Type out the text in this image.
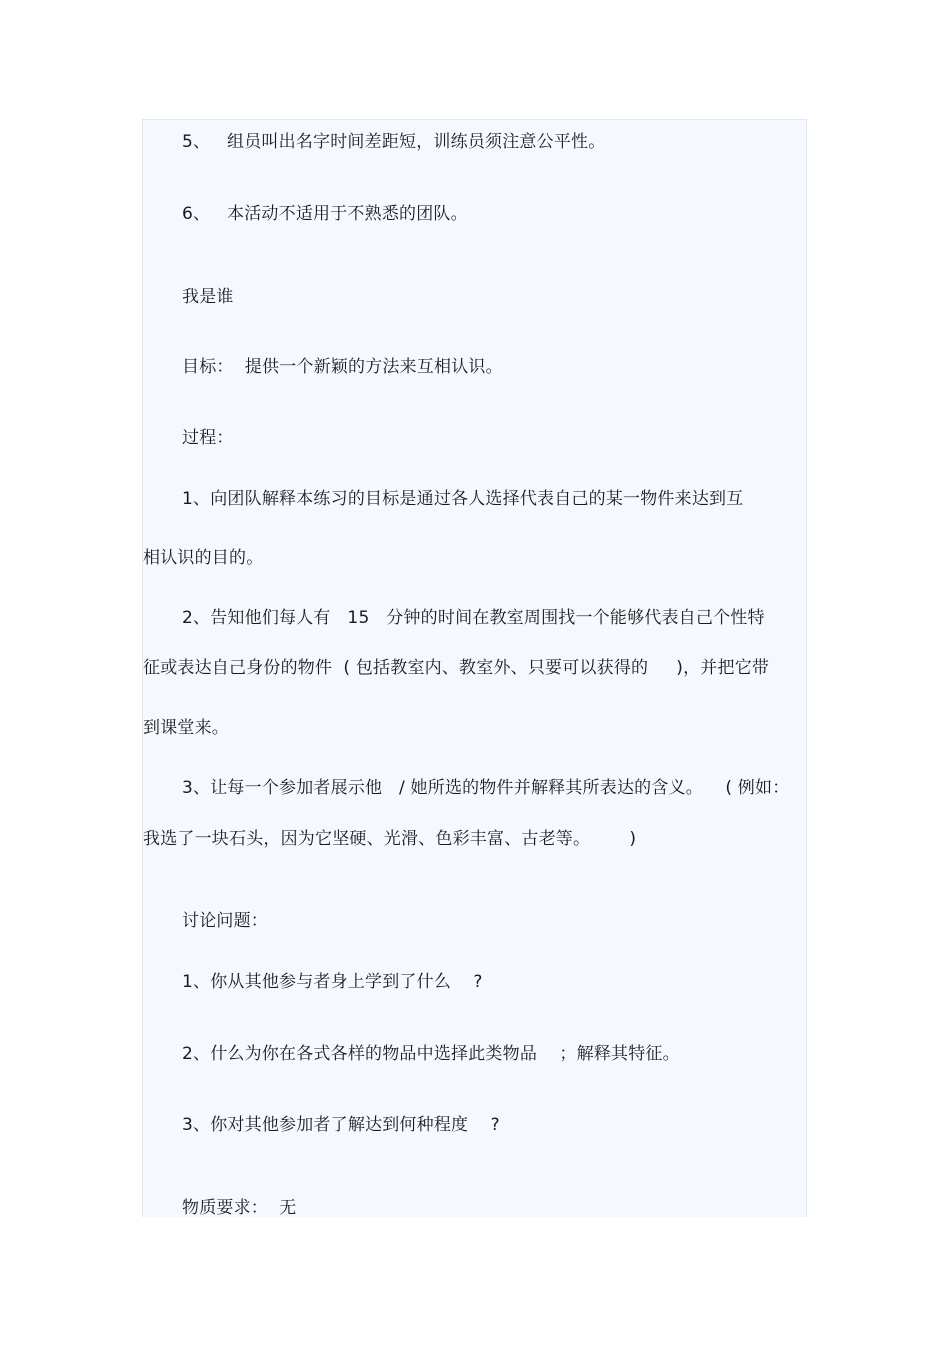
5、   组员叫出名字时间差距短，训练员须注意公平性。
6、   本活动不适用于不熟悉的团队。
我是谁
目标：  提供一个新颖的方法来互相认识。
过程：
1、向团队解释本练习的目标是通过各人选择代表自己的某一物件来达到互
相认识的目的。
2、告知他们每人有   15   分钟的时间在教室周围找一个能够代表自己个性特
征或表达自己身份的物件  ( 包括教室内、教室外、只要可以获得的     )，并把它带
到课堂来。
3、让每一个参加者展示他   / 她所选的物件并解释其所表达的含义。    ( 例如：
我选了一块石头，因为它坚硬、光滑、色彩丰富、古老等。       )
讨论问题：
1、你从其他参与者身上学到了什么    ?
2、什么为你在各式各样的物品中选择此类物品    ；解释其特征。
3、你对其他参加者了解达到何种程度    ?
物质要求：  无
